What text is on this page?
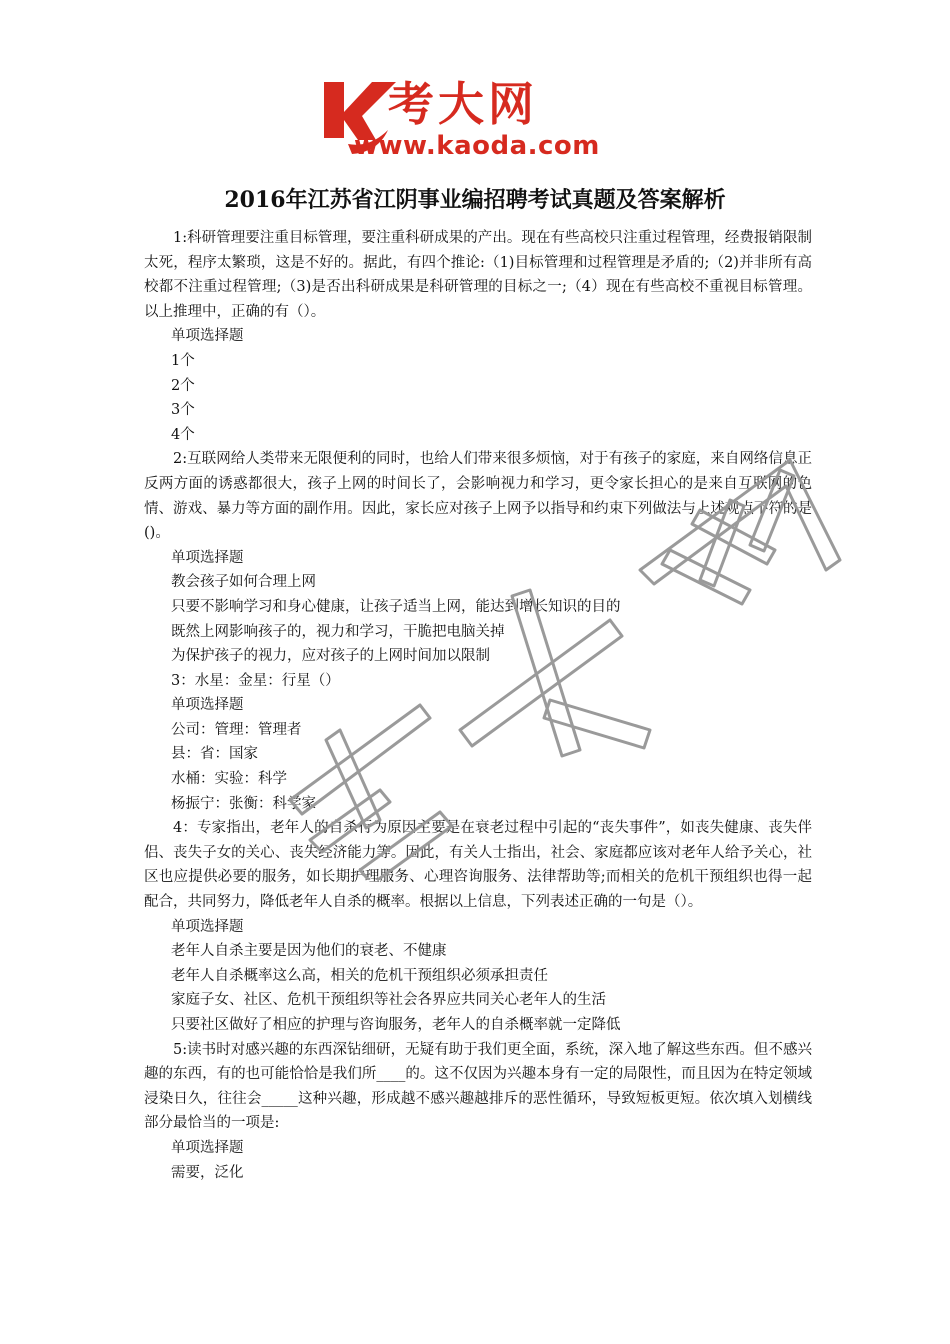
考大网
www.kaoda.com
2016年江苏省江阴事业编招聘考试真题及答案解析

1:科研管理要注重目标管理，要注重科研成果的产出。现在有些高校只注重过程管理，经费报销限制太死，程序太繁琐，这是不好的。据此，有四个推论:（1)目标管理和过程管理是矛盾的;（2)并非所有高校都不注重过程管理;（3)是否出科研成果是科研管理的目标之一;（4）现在有些高校不重视目标管理。以上推理中，正确的有（）。

单项选择题

1个

2个

3个

4个

2:互联网给人类带来无限便利的同时，也给人们带来很多烦恼，对于有孩子的家庭，来自网络信息正反两方面的诱惑都很大，孩子上网的时间长了，会影响视力和学习，更令家长担心的是来自互联网的色情、游戏、暴力等方面的副作用。因此，家长应对孩子上网予以指导和约束下列做法与上述观点不符的是()。

单项选择题

教会孩子如何合理上网

只要不影响学习和身心健康，让孩子适当上网，能达到增长知识的目的

既然上网影响孩子的，视力和学习，干脆把电脑关掉

为保护孩子的视力，应对孩子的上网时间加以限制

3：水星：金星：行星（）

单项选择题

公司：管理：管理者

县：省：国家

水桶：实验：科学

杨振宁：张衡：科学家

4：专家指出，老年人的自杀行为原因主要是在衰老过程中引起的“丧失事件”，如丧失健康、丧失伴侣、丧失子女的关心、丧失经济能力等。因此，有关人士指出，社会、家庭都应该对老年人给予关心，社区也应提供必要的服务，如长期护理服务、心理咨询服务、法律帮助等;而相关的危机干预组织也得一起配合，共同努力，降低老年人自杀的概率。根据以上信息，下列表述正确的一句是（）。

单项选择题

老年人自杀主要是因为他们的衰老、不健康

老年人自杀概率这么高，相关的危机干预组织必须承担责任

家庭子女、社区、危机干预组织等社会各界应共同关心老年人的生活

只要社区做好了相应的护理与咨询服务，老年人的自杀概率就一定降低

5:读书时对感兴趣的东西深钻细研，无疑有助于我们更全面，系统，深入地了解这些东西。但不感兴趣的东西，有的也可能恰恰是我们所____的。这不仅因为兴趣本身有一定的局限性，而且因为在特定领域浸染日久，往往会_____这种兴趣，形成越不感兴趣越排斥的恶性循环，导致短板更短。依次填入划横线部分最恰当的一项是:

单项选择题

需要，泛化
